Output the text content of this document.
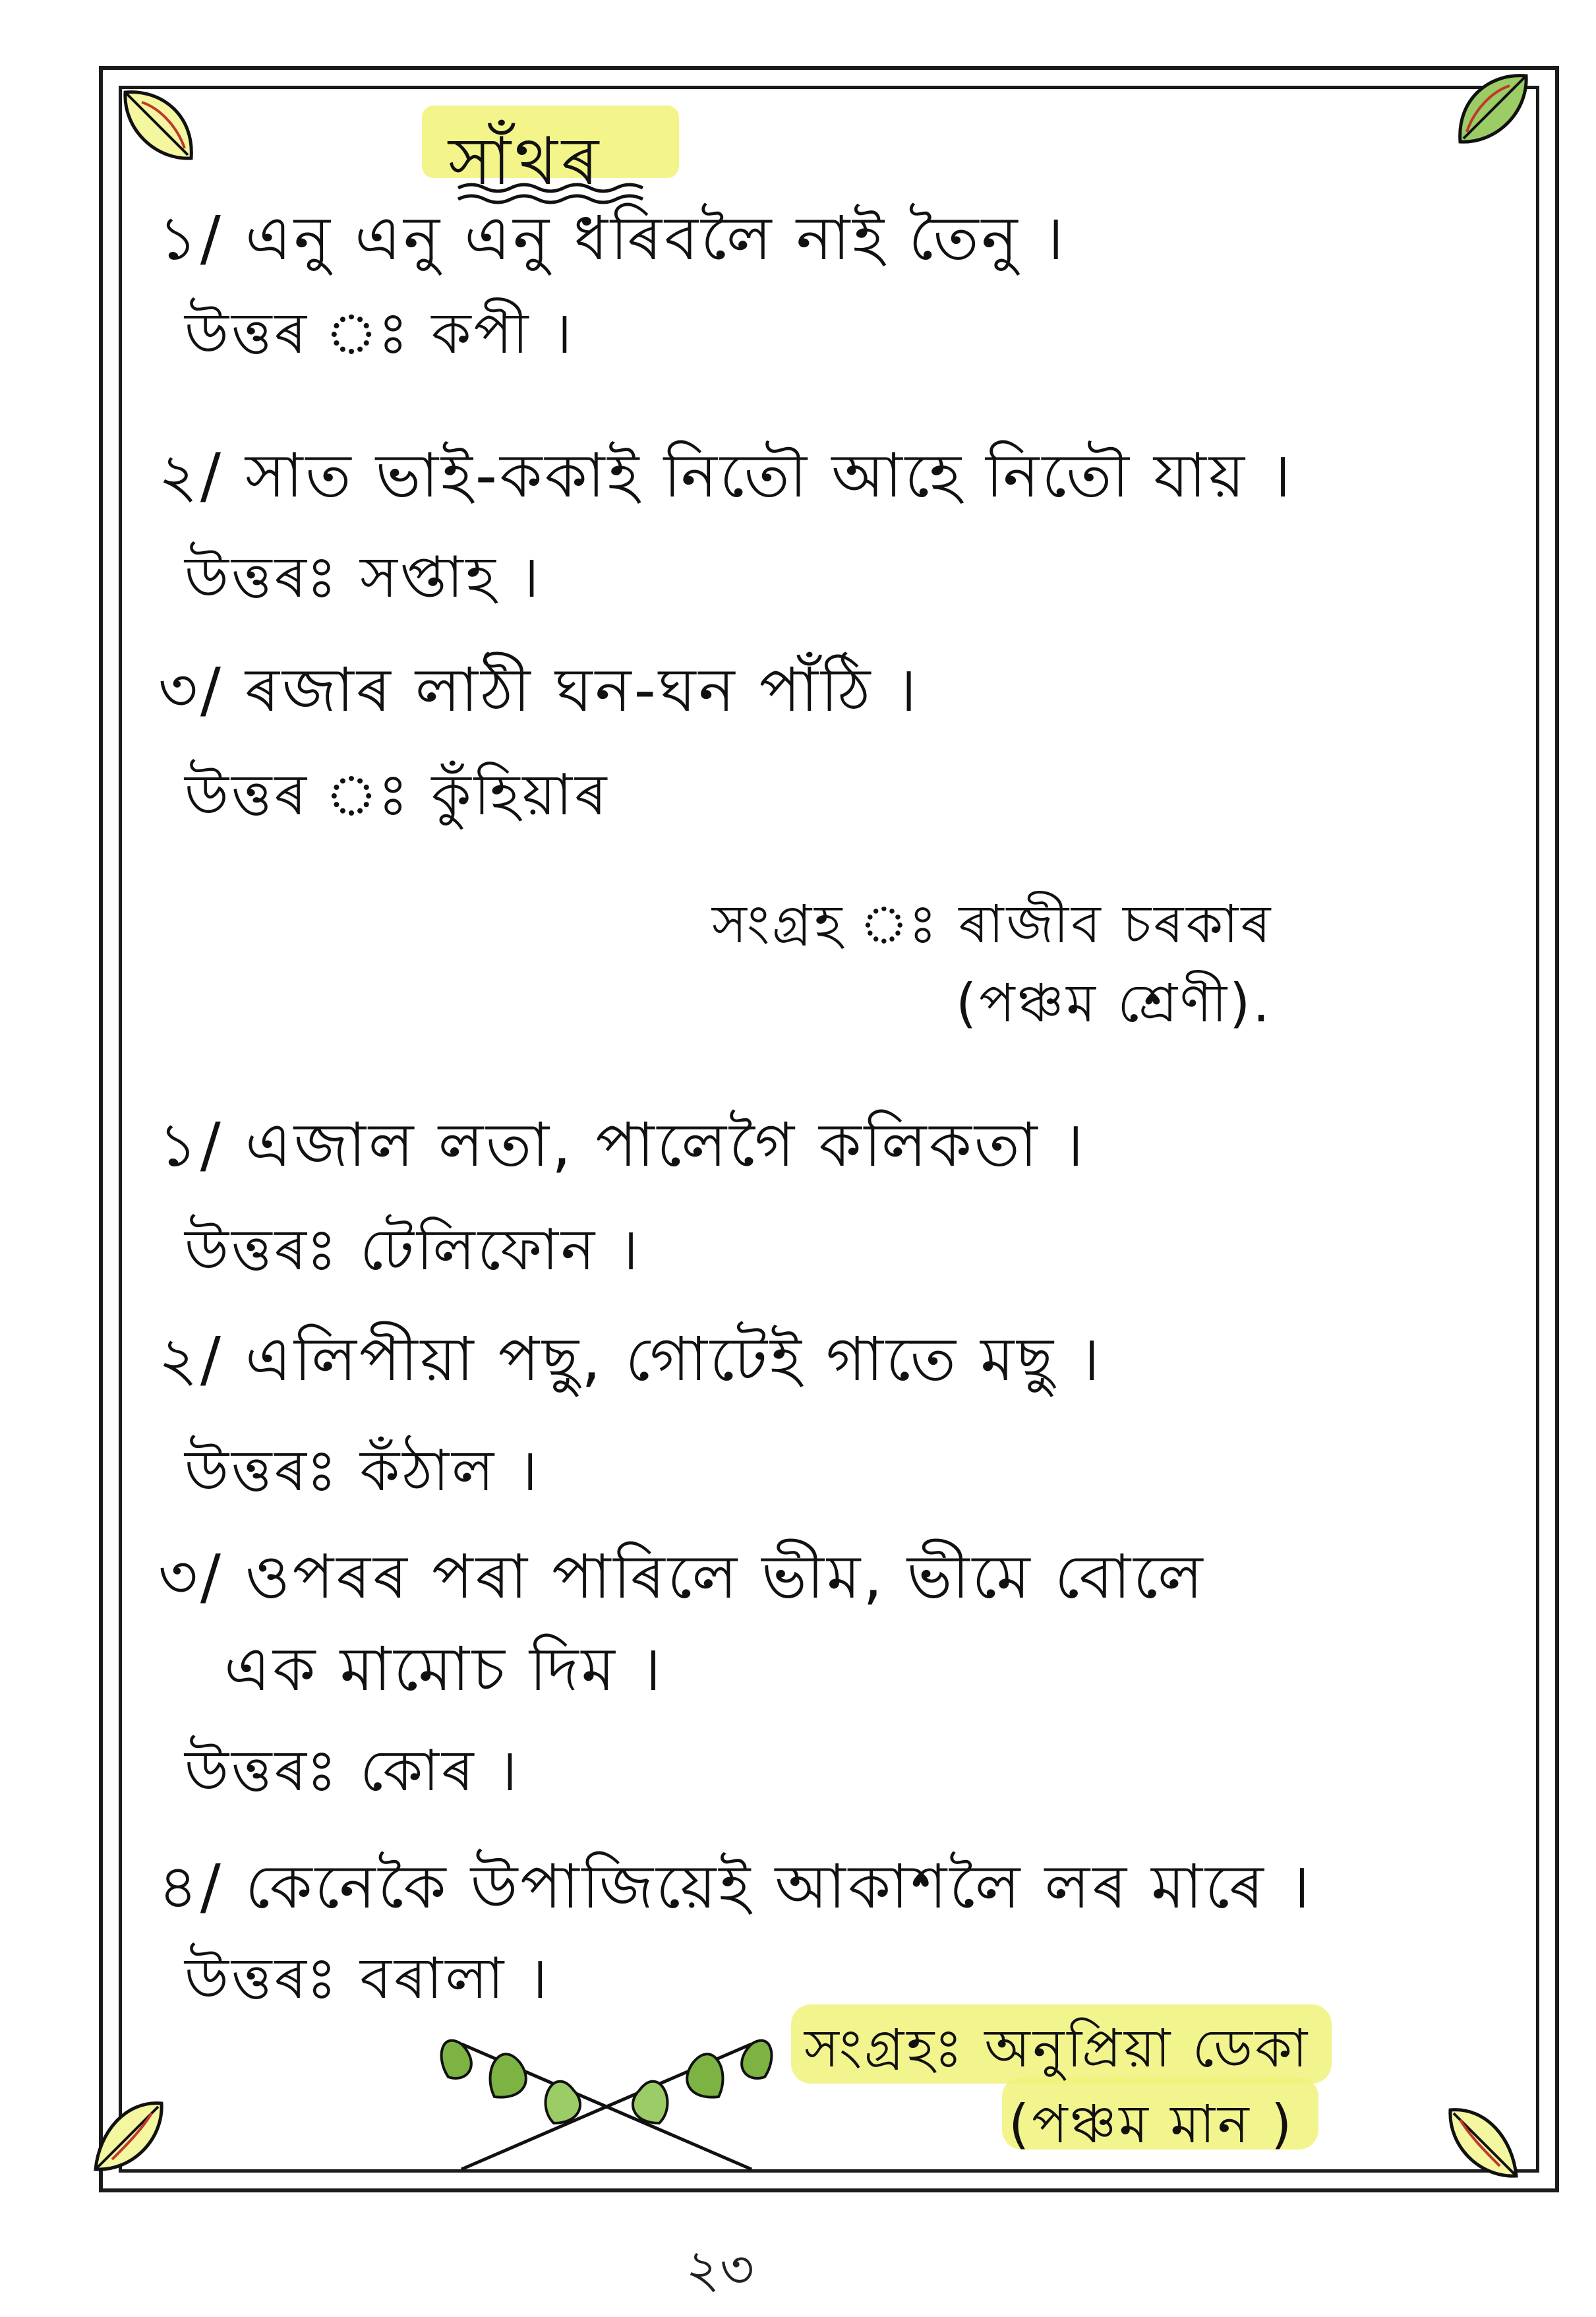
সাঁথৰ
১/ এনু এনু এনু ধৰিবলৈ নাই তৈনু ।
উত্তৰ ঃ কপী ।
২/ সাত ভাই-ককাই নিতৌ আহে নিতৌ যায় ।
উত্তৰঃ সপ্তাহ ।
৩/ ৰজাৰ লাঠী ঘন-ঘন পাঁঠি ।
উত্তৰ ঃ কুঁহিয়াৰ
সংগ্ৰহ ঃ ৰাজীব চৰকাৰ
(পঞ্চম শ্ৰেণী).
১/ এজাল লতা, পালেগৈ কলিকতা ।
উত্তৰঃ টেলিফোন ।
২/ এলিপীয়া পছু, গোটেই গাতে মছু ।
উত্তৰঃ কঁঠাল ।
৩/ ওপৰৰ পৰা পাৰিলে ভীম, ভীমে বোলে
এক মামোচ দিম ।
উত্তৰঃ কোৰ ।
৪/ কেনেকৈ উপাজিয়েই আকাশলৈ লৰ মাৰে ।
উত্তৰঃ বৰালা ।
সংগ্ৰহঃ অনুপ্ৰিয়া ডেকা
(পঞ্চম মান )
২৩
